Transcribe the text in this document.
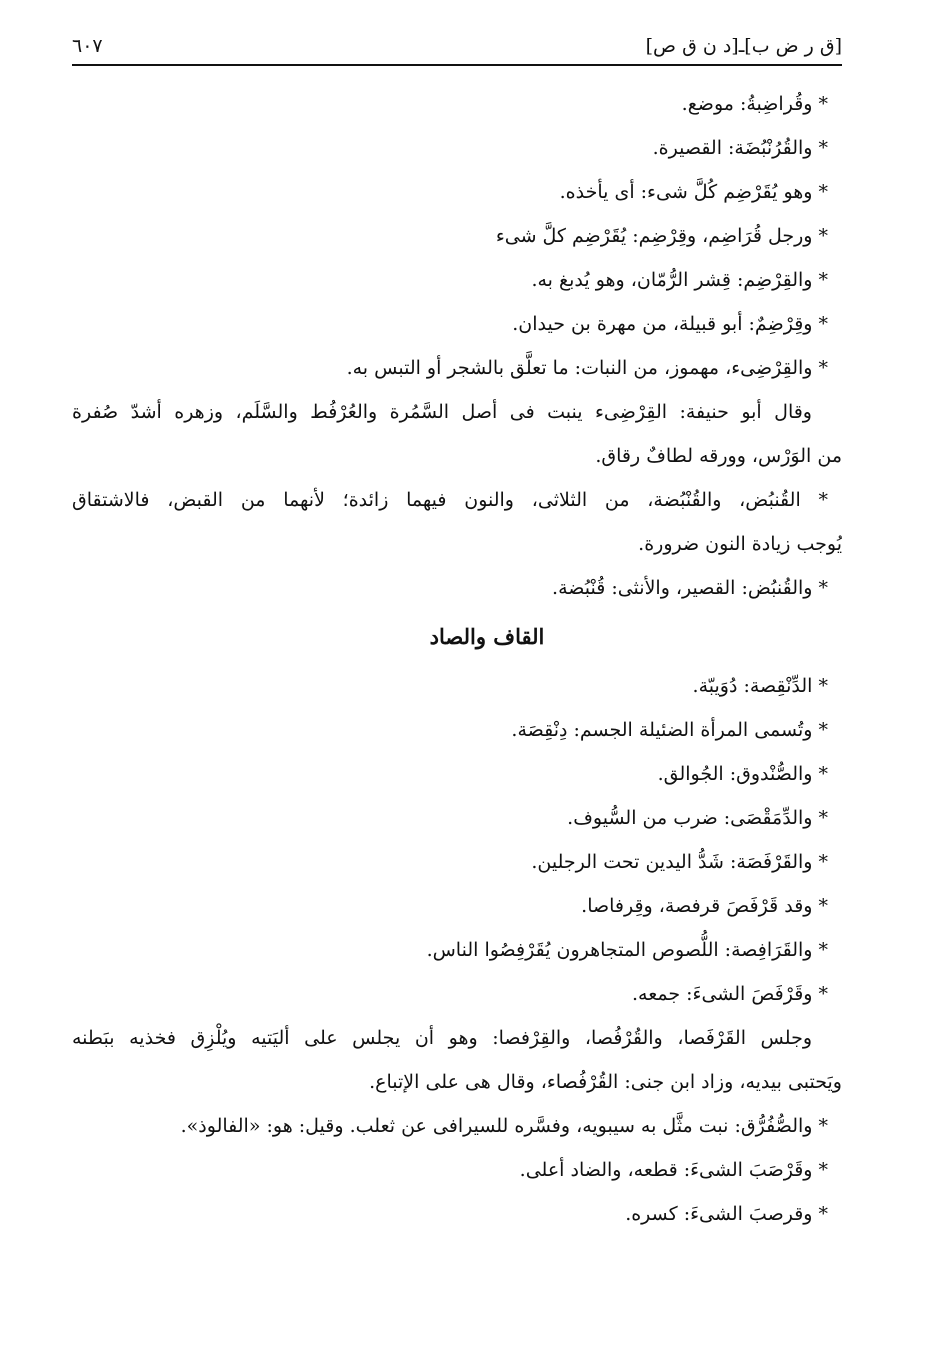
[ق ر ض ب]ـ[د ن ق ص]
٦٠٧
* وقُراضِبةُ: موضع.
* والقُرُنْبُضَة: القصيرة.
* وهو يُقَرْضِم كُلَّ شىء: أى يأخذه.
* ورجل قُرَاضِم، وقِرْضِم: يُقَرْضِم كلَّ شىء
* والقِرْضِم: قِشر الرُّمّان، وهو يُدبغ به.
* وقِرْضِمٌ: أبو قبيلة، من مهرة بن حيدان.
* والقِرْضِىء، مهموز، من النبات: ما تعلَّق بالشجر أو التبس به.
وقال أبو حنيفة: القِرْضِىء ينبت فى أصل السَّمُرة والعُرْفُط والسَّلَم، وزهره أشدّ صُفرة
من الوَرْس، وورقه لطافٌ رقاق.
* القُنبُض، والقُنْبُضة، من الثلاثى، والنون فيهما زائدة؛ لأنهما من القبض، فالاشتقاق
يُوجب زيادة النون ضرورة.
* والقُنبُض: القصير، والأنثى: قُنْبُضة.
القاف والصاد
* الدِّنْقِصة: دُوَيبّة.
* وتُسمى المرأة الضئيلة الجسم: دِنْقِصَة.
* والصُّنْدوق: الجُوالق.
* والدِّمَقْصَى: ضرب من السُّيوف.
* والقَرْفَصَة: شَدُّ اليدين تحت الرجلين.
* وقد قَرْفَصَ قرفصة، وقِرفاصا.
* والقَرَافِصة: اللُّصوص المتجاهرون يُقَرْفِصُوا الناس.
* وقَرْفَصَ الشىءَ: جمعه.
وجلس القَرْفَصا، والقُرْفُصا، والقِرْفصا: وهو أن يجلس على أليَتيه ويُلْزِق فخذيه ببَطنه
ويَحتبى بيديه، وزاد ابن جنى: القُرْفُصاء، وقال هى على الإتباع.
* والصُّفُرُّق: نبت مثَّل به سيبويه، وفسَّره للسيرافى عن ثعلب. وقيل: هو: «الفالوذ».
* وقَرْصَبَ الشىءَ: قطعه، والضاد أعلى.
* وقرصبَ الشىءَ: كسره.
